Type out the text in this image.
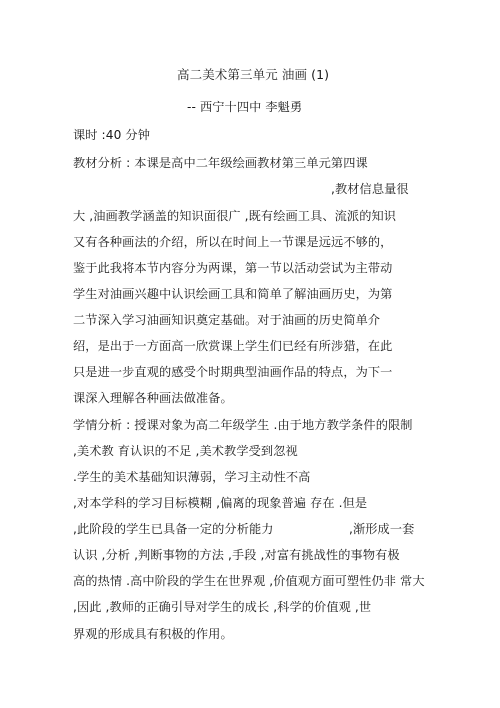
高二美术第三单元 油画 (1)
-- 西宁十四中 李魁勇
课时 :40 分钟
教材分析 : 本课是高中二年级绘画教材第三单元第四课
,教材信息量很
大 ,油画教学涵盖的知识面很广 ,既有绘画工具、流派的知识
又有各种画法的介绍，所以在时间上一节课是远远不够的，
鉴于此我将本节内容分为两课，第一节以活动尝试为主带动
学生对油画兴趣中认识绘画工具和简单了解油画历史，为第
二节深入学习油画知识奠定基础。对于油画的历史简单介
绍，是出于一方面高一欣赏课上学生们已经有所涉猎，在此
只是进一步直观的感受个时期典型油画作品的特点，为下一
课深入理解各种画法做准备。
学情分析 : 授课对象为高二年级学生 .由于地方教学条件的限制
,美术教 育认识的不足 ,美术教学受到忽视
.学生的美术基础知识薄弱，学习主动性不高
,对本学科的学习目标模糊 ,偏离的现象普遍 存在 .但是
,此阶段的学生已具备一定的分析能力	,渐形成一套
认识 ,分析 ,判断事物的方法 ,手段 ,对富有挑战性的事物有极
高的热情 .高中阶段的学生在世界观 ,价值观方面可塑性仍非 常大
,因此 ,教师的正确引导对学生的成长 ,科学的价值观 ,世
界观的形成具有积极的作用。
